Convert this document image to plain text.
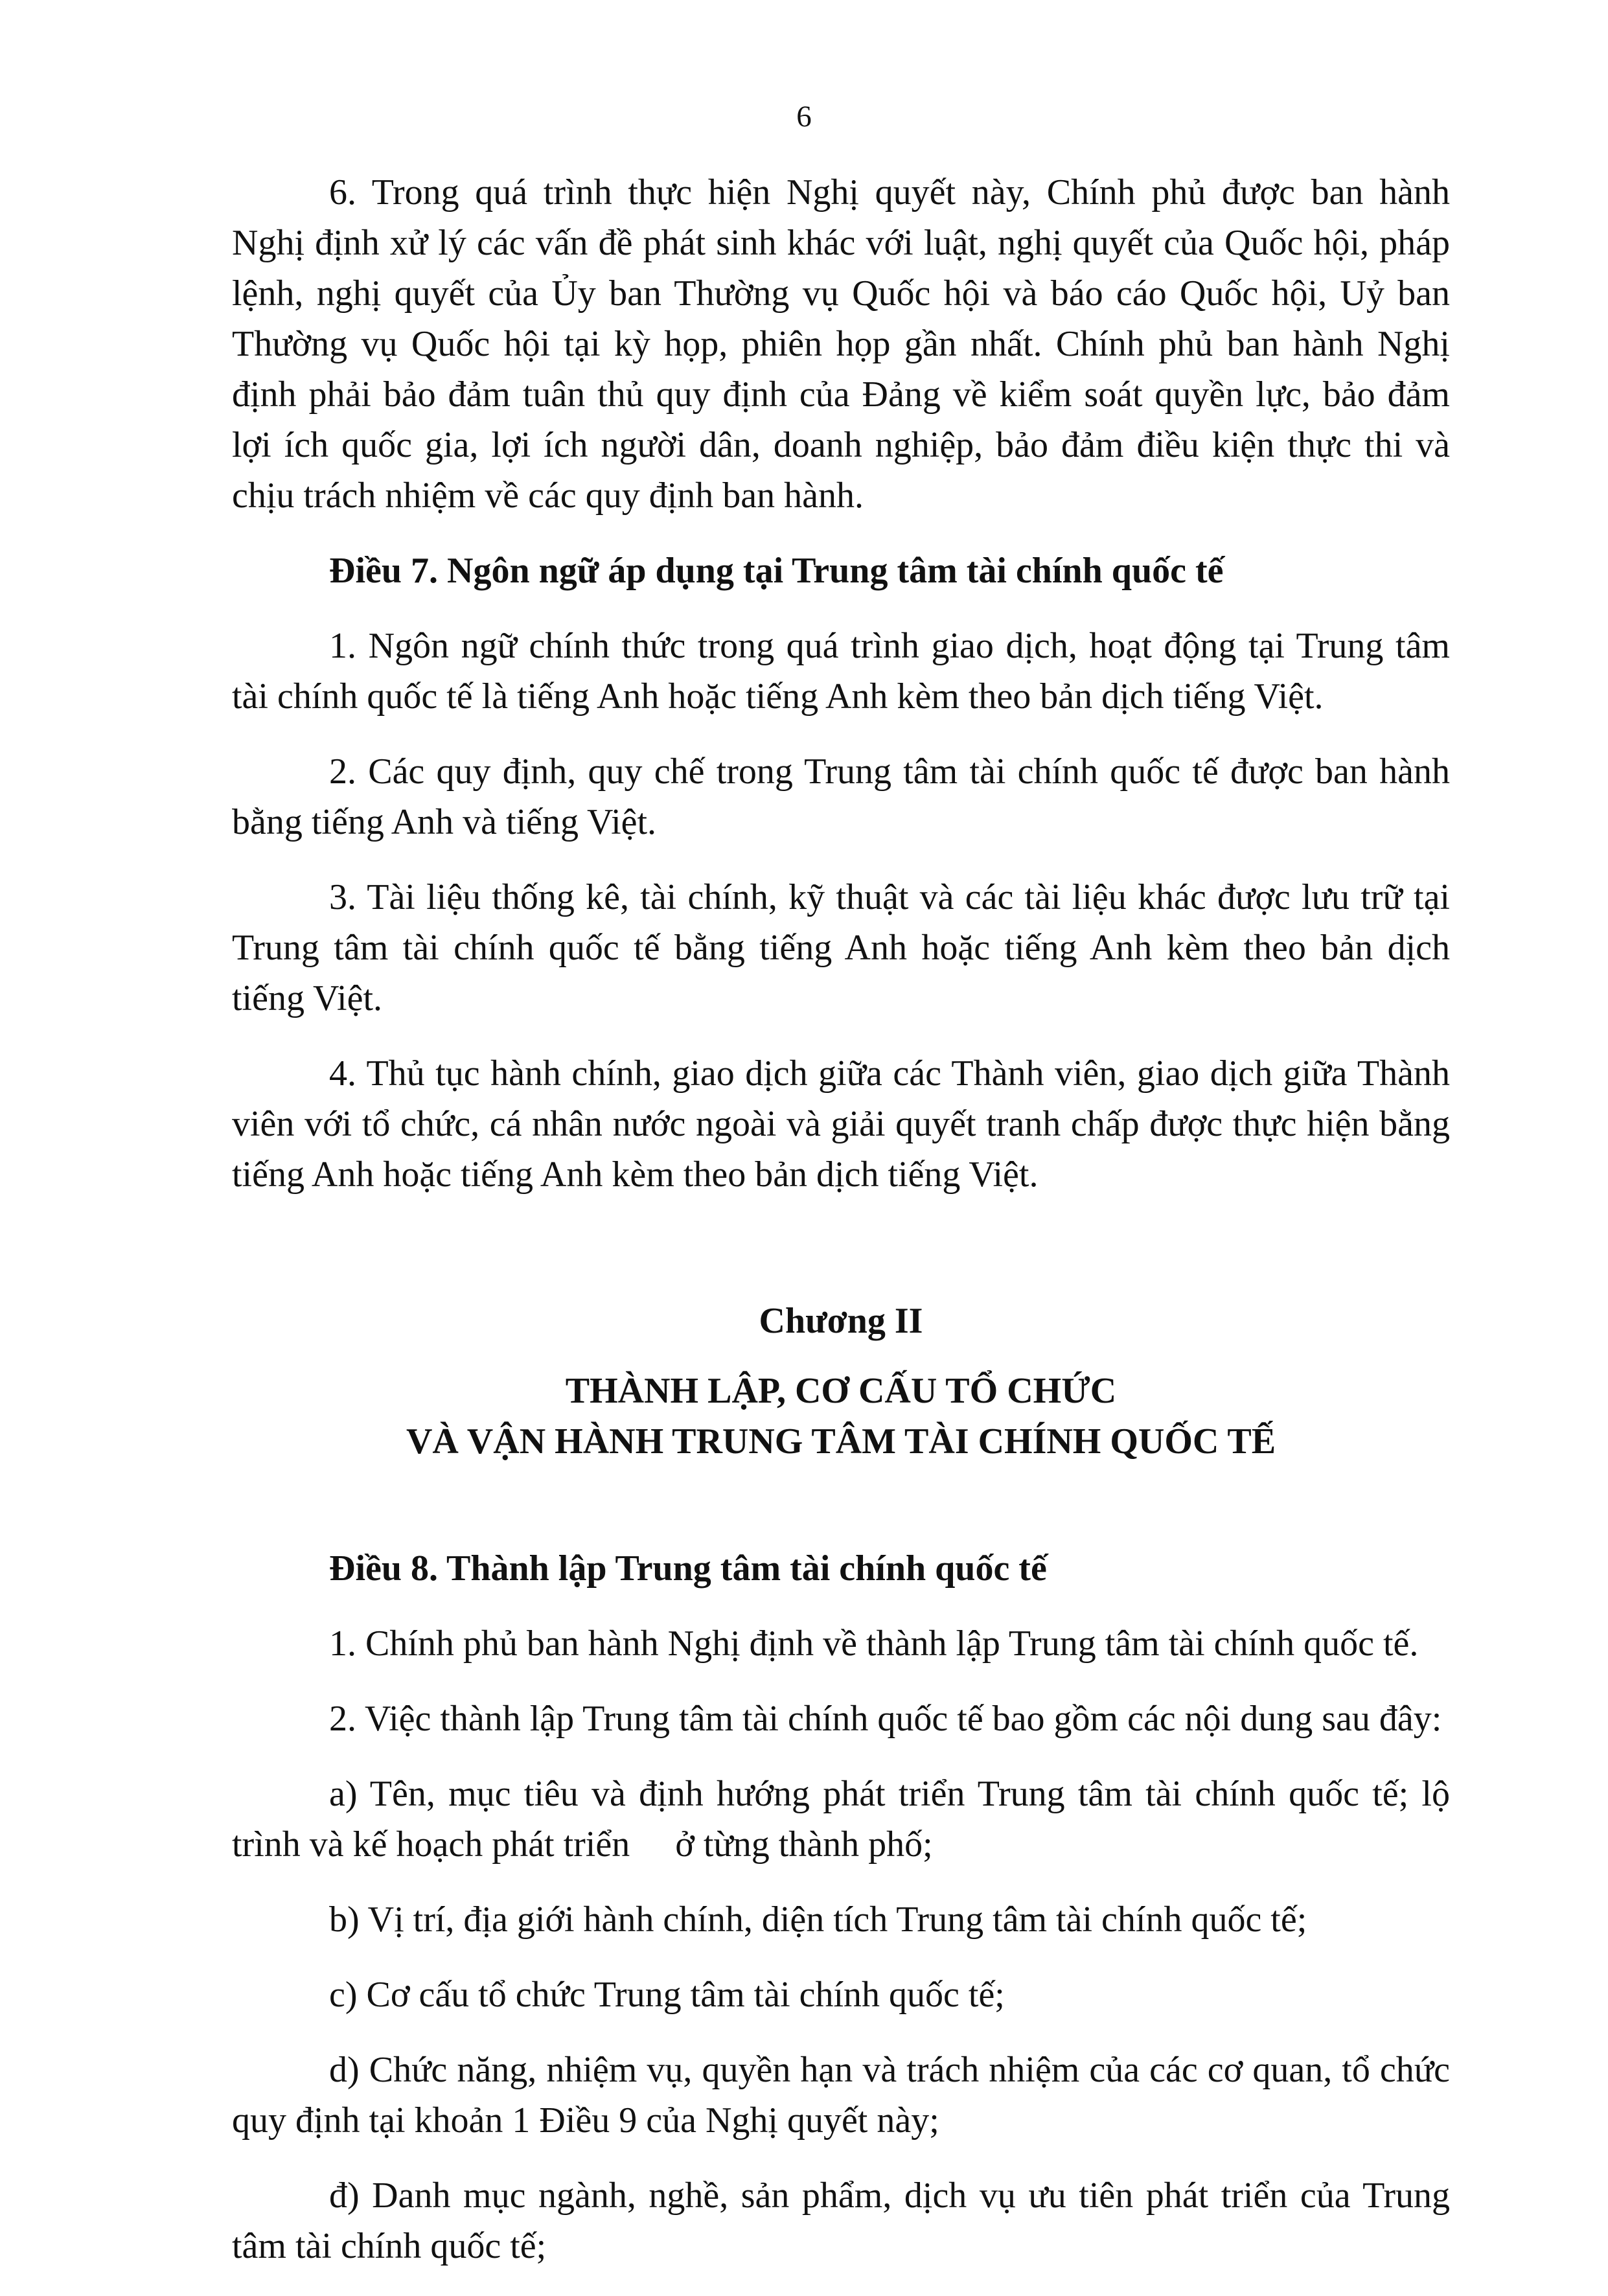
6
6. Trong quá trình thực hiện Nghị quyết này, Chính phủ được ban hành
Nghị định xử lý các vấn đề phát sinh khác với luật, nghị quyết của Quốc hội, pháp
lệnh, nghị quyết của Ủy ban Thường vụ Quốc hội và báo cáo Quốc hội, Uỷ ban
Thường vụ Quốc hội tại kỳ họp, phiên họp gần nhất. Chính phủ ban hành Nghị
định phải bảo đảm tuân thủ quy định của Đảng về kiểm soát quyền lực, bảo đảm
lợi ích quốc gia, lợi ích người dân, doanh nghiệp, bảo đảm điều kiện thực thi và
chịu trách nhiệm về các quy định ban hành.
Điều 7. Ngôn ngữ áp dụng tại Trung tâm tài chính quốc tế
1. Ngôn ngữ chính thức trong quá trình giao dịch, hoạt động tại Trung tâm
tài chính quốc tế là tiếng Anh hoặc tiếng Anh kèm theo bản dịch tiếng Việt.
2. Các quy định, quy chế trong Trung tâm tài chính quốc tế được ban hành
bằng tiếng Anh và tiếng Việt.
3. Tài liệu thống kê, tài chính, kỹ thuật và các tài liệu khác được lưu trữ tại
Trung tâm tài chính quốc tế bằng tiếng Anh hoặc tiếng Anh kèm theo bản dịch
tiếng Việt.
4. Thủ tục hành chính, giao dịch giữa các Thành viên, giao dịch giữa Thành
viên với tổ chức, cá nhân nước ngoài và giải quyết tranh chấp được thực hiện bằng
tiếng Anh hoặc tiếng Anh kèm theo bản dịch tiếng Việt.
Chương II
THÀNH LẬP, CƠ CẤU TỔ CHỨC
VÀ VẬN HÀNH TRUNG TÂM TÀI CHÍNH QUỐC TẾ
Điều 8. Thành lập Trung tâm tài chính quốc tế
1. Chính phủ ban hành Nghị định về thành lập Trung tâm tài chính quốc tế.
2. Việc thành lập Trung tâm tài chính quốc tế bao gồm các nội dung sau đây:
a) Tên, mục tiêu và định hướng phát triển Trung tâm tài chính quốc tế; lộ
trình và kế hoạch phát triển     ở từng thành phố;
b) Vị trí, địa giới hành chính, diện tích Trung tâm tài chính quốc tế;
c) Cơ cấu tổ chức Trung tâm tài chính quốc tế;
d) Chức năng, nhiệm vụ, quyền hạn và trách nhiệm của các cơ quan, tổ chức
quy định tại khoản 1 Điều 9 của Nghị quyết này;
đ) Danh mục ngành, nghề, sản phẩm, dịch vụ ưu tiên phát triển của Trung
tâm tài chính quốc tế;
